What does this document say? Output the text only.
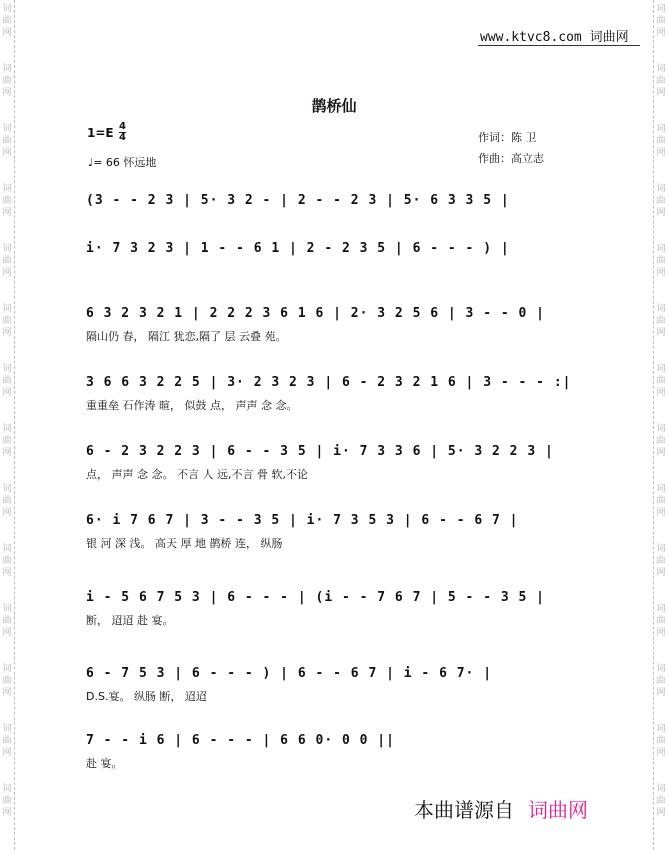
词
曲
网
词
曲
网
词
曲
网
词
曲
网
词
曲
网
词
曲
网
词
曲
网
词
曲
网
词
曲
网
词
曲
网
词
曲
网
词
曲
网
词
曲
网
词
曲
网
词
曲
网
词
曲
网
词
曲
网
词
曲
网
词
曲
网
词
曲
网
词
曲
网
词
曲
网
词
曲
网
词
曲
网
词
曲
网
词
曲
网
词
曲
网
词
曲
网
www.ktvc8.com 词曲网
鹊桥仙
1=E 4
4
♩= 66 怀远地
作词：陈 卫
作曲：高立志
(3 - - 2 3 | 5· 3 2 - | 2 - - 2 3 | 5· 6 3 3 5 |
i· 7 3 2 3 | 1 - - 6 1 | 2 - 2 3 5 | 6 - - - ) |
6 3 2 3 2 1 | 2 2 2 3 6 1 6 | 2· 3 2 5 6 | 3 - - 0 |
隔山仍 春， 隔江 犹恋,隔了 层 云叠 苑。
3 6 6 3 2 2 5 | 3· 2 3 2 3 | 6 - 2 3 2 1 6 | 3 - - - :|
重重垒 石作涛 暄， 似鼓 点， 声声 念 念。
6 - 2 3 2 2 3 | 6 - - 3 5 | i· 7 3 3 6 | 5· 3 2 2 3 |
点， 声声 念 念。 不言 人 远,不言 骨 软,不论
6· i 7 6 7 | 3 - - 3 5 | i· 7 3 5 3 | 6 - - 6 7 |
银 河 深 浅。 高天 厚 地 鹊桥 连， 纵肠
i - 5 6 7 5 3 | 6 - - - | (i - - 7 6 7 | 5 - - 3 5 |
断， 迢迢 赴 宴。
6 - 7 5 3 | 6 - - - ) | 6 - - 6 7 | i - 6 7· |
D.S.宴。 纵肠 断， 迢迢
7 - - i 6 | 6 - - - | 6 6 0· 0 0 ||
赴 宴。
本曲谱源自 词曲网
